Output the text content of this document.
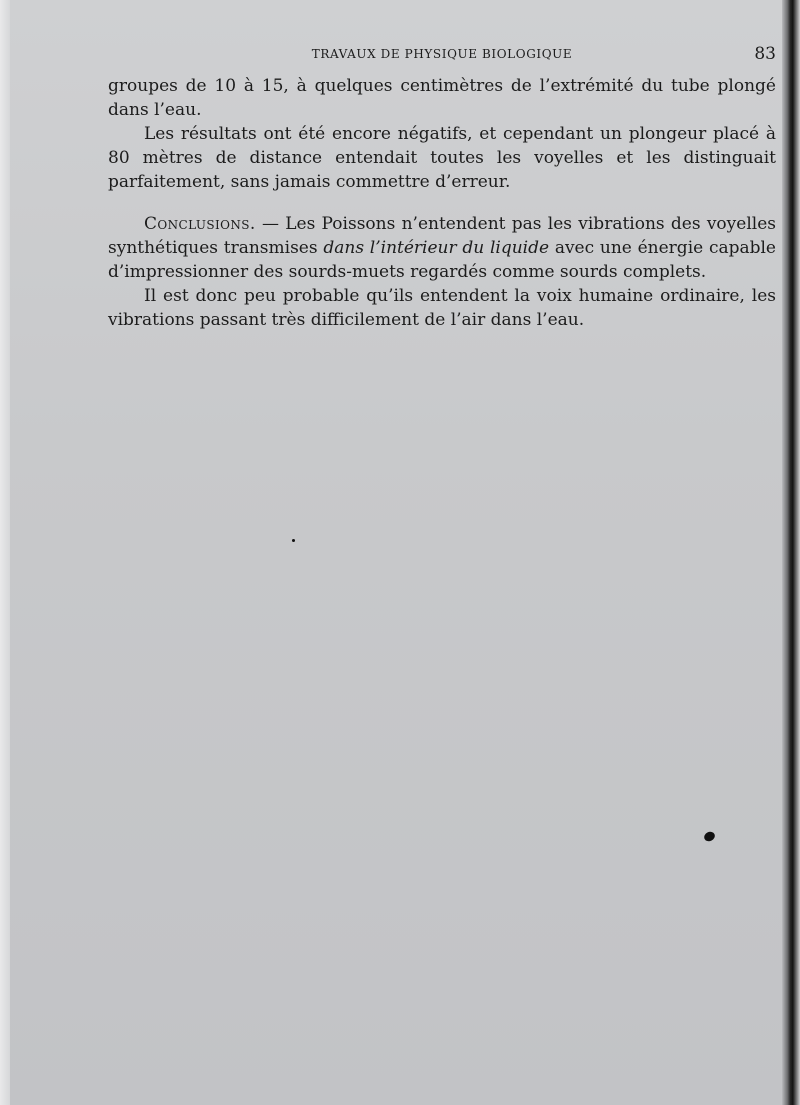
TRAVAUX DE PHYSIQUE BIOLOGIQUE	83

groupes de 10 à 15, à quelques centimètres de l’extrémité du tube plongé dans l’eau.

Les résultats ont été encore négatifs, et cependant un plongeur placé à 80 mètres de distance entendait toutes les voyelles et les distinguait parfaitement, sans jamais commettre d’erreur.

Conclusions. — Les Poissons n’entendent pas les vibrations des voyelles synthétiques transmises dans l’intérieur du liquide avec une énergie capable d’impressionner des sourds-muets regardés comme sourds complets.

Il est donc peu probable qu’ils entendent la voix humaine ordinaire, les vibrations passant très difficilement de l’air dans l’eau.
